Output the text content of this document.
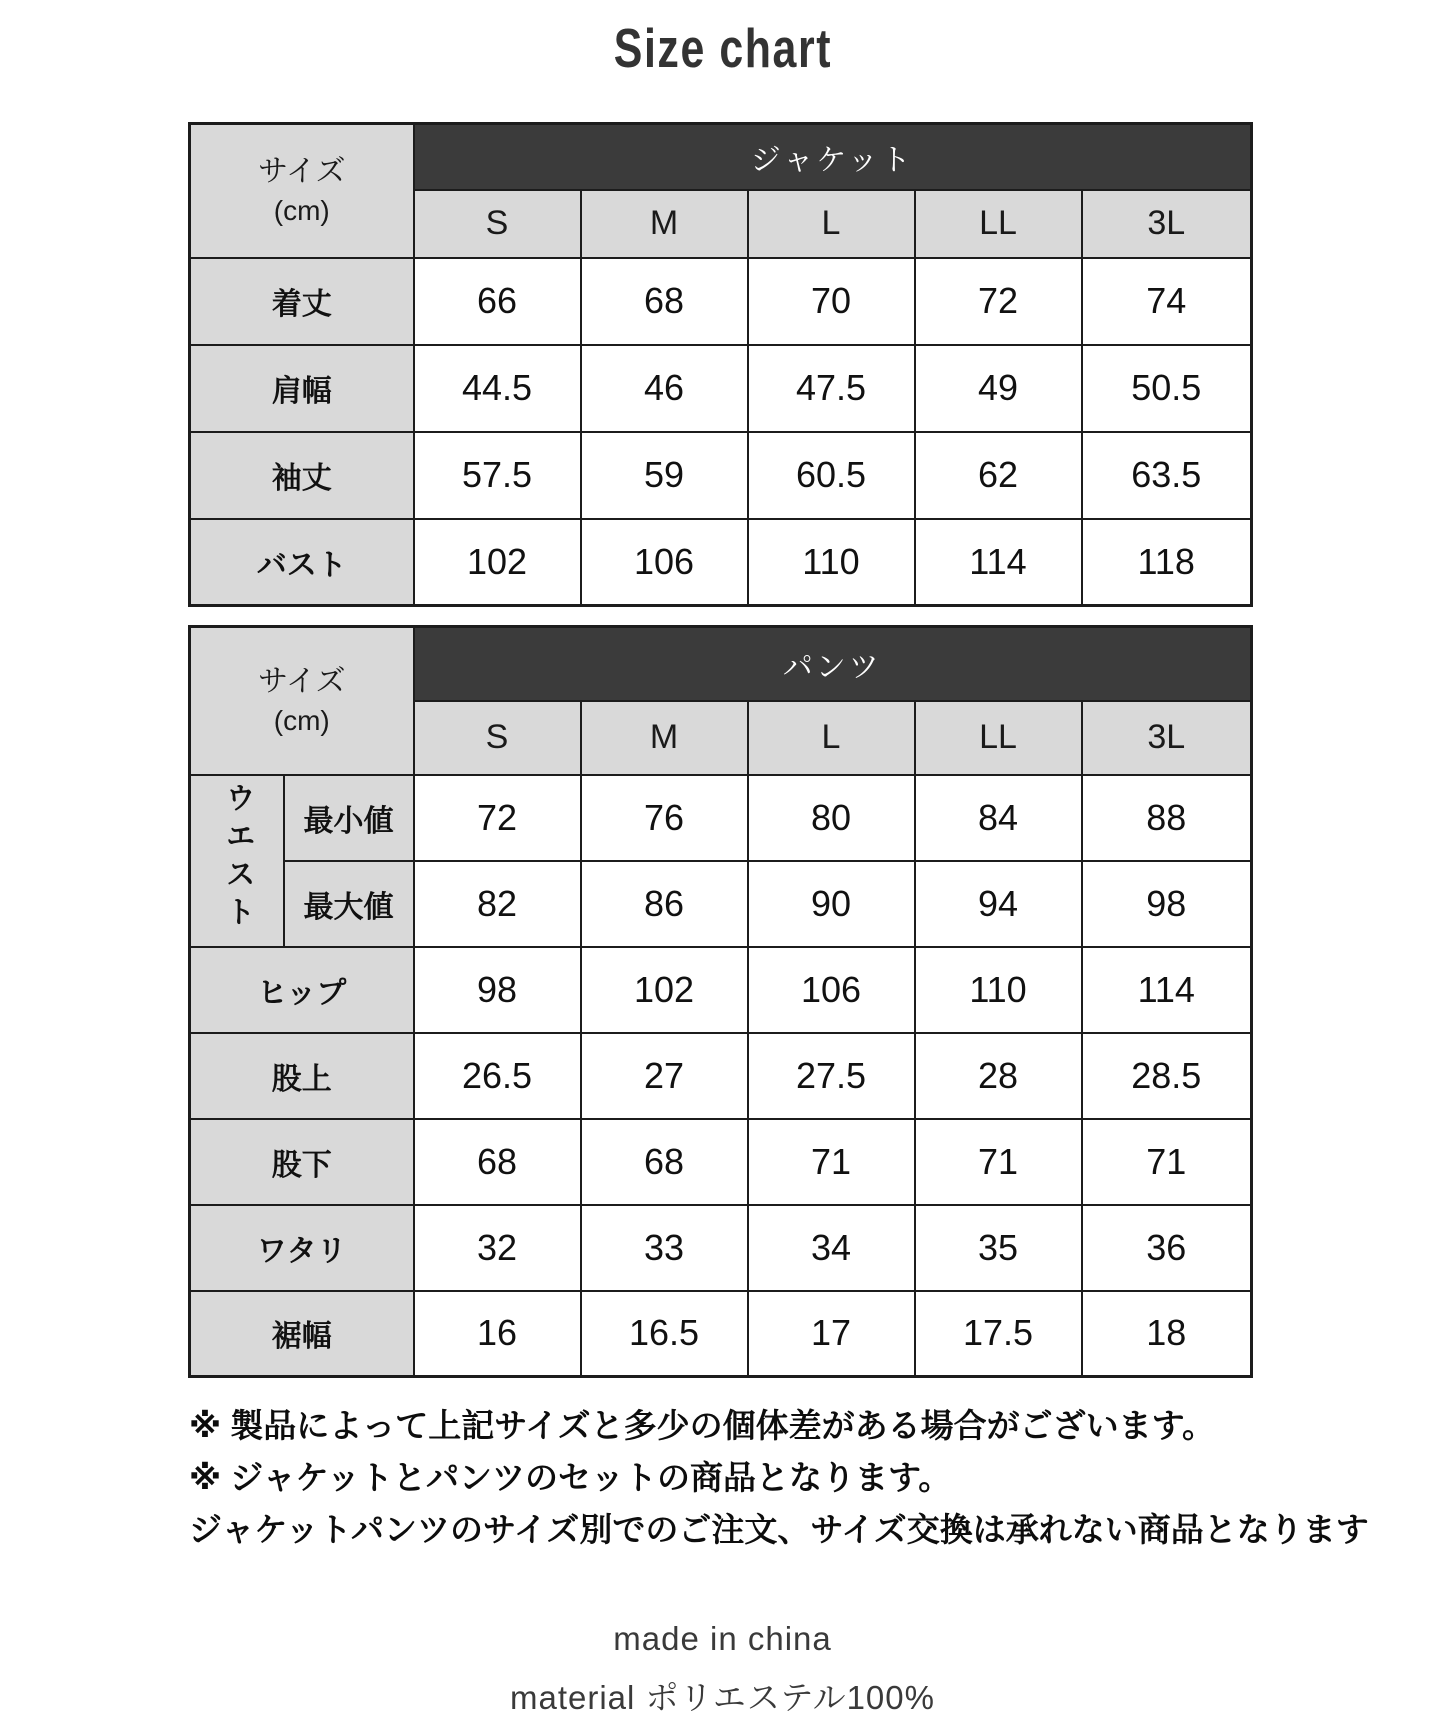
Size chart
サイズ
(cm)	ジャケット				
	S	M	L	LL	3L
着丈	66	68	70	72	74
肩幅	44.5	46	47.5	49	50.5
袖丈	57.5	59	60.5	62	63.5
バスト	102	106	110	114	118
サイズ
(cm)		パンツ				
		S	M	L	LL	3L
ウエスト	最小値	72	76	80	84	88
	最大値	82	86	90	94	98
ヒップ		98	102	106	110	114
股上		26.5	27	27.5	28	28.5
股下		68	68	71	71	71
ワタリ		32	33	34	35	36
裾幅		16	16.5	17	17.5	18

※ 製品によって上記サイズと多少の個体差がある場合がございます。

※ ジャケットとパンツのセットの商品となります。

ジャケットパンツのサイズ別でのご注文、サイズ交換は承れない商品となります

made in china

material ポリエステル100%
